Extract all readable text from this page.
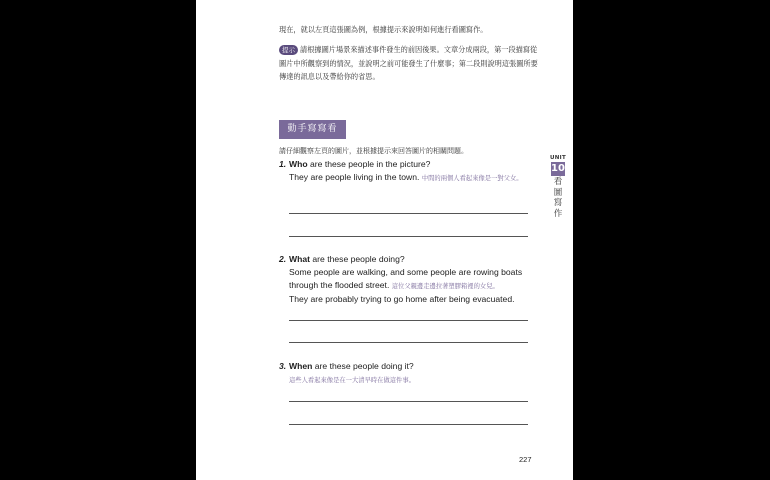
現在，就以左頁這張圖為例，根據提示來說明如何進行看圖寫作。
提示 請根據圖片場景來描述事件發生的前因後果。文章分成兩段，第一段描寫從圖片中所觀察到的情況，並說明之前可能發生了什麼事；第二段則說明這張圖所要傳達的訊息以及帶給你的省思。
動手寫寫看
請仔細觀察左頁的圖片，並根據提示來回答圖片的相關問題。
UNIT
10
看
圖
寫
作
1. Who are these people in the picture?
They are people living in the town. 中間的兩個人看起來像是一對父女。
2. What are these people doing?
Some people are walking, and some people are rowing boats through the flooded street. 這位父親邊走邊拉著塑膠箱裡的女兒。
They are probably trying to go home after being evacuated.
3. When are these people doing it?
這些人看起來像是在一大清早時在做這件事。
227
